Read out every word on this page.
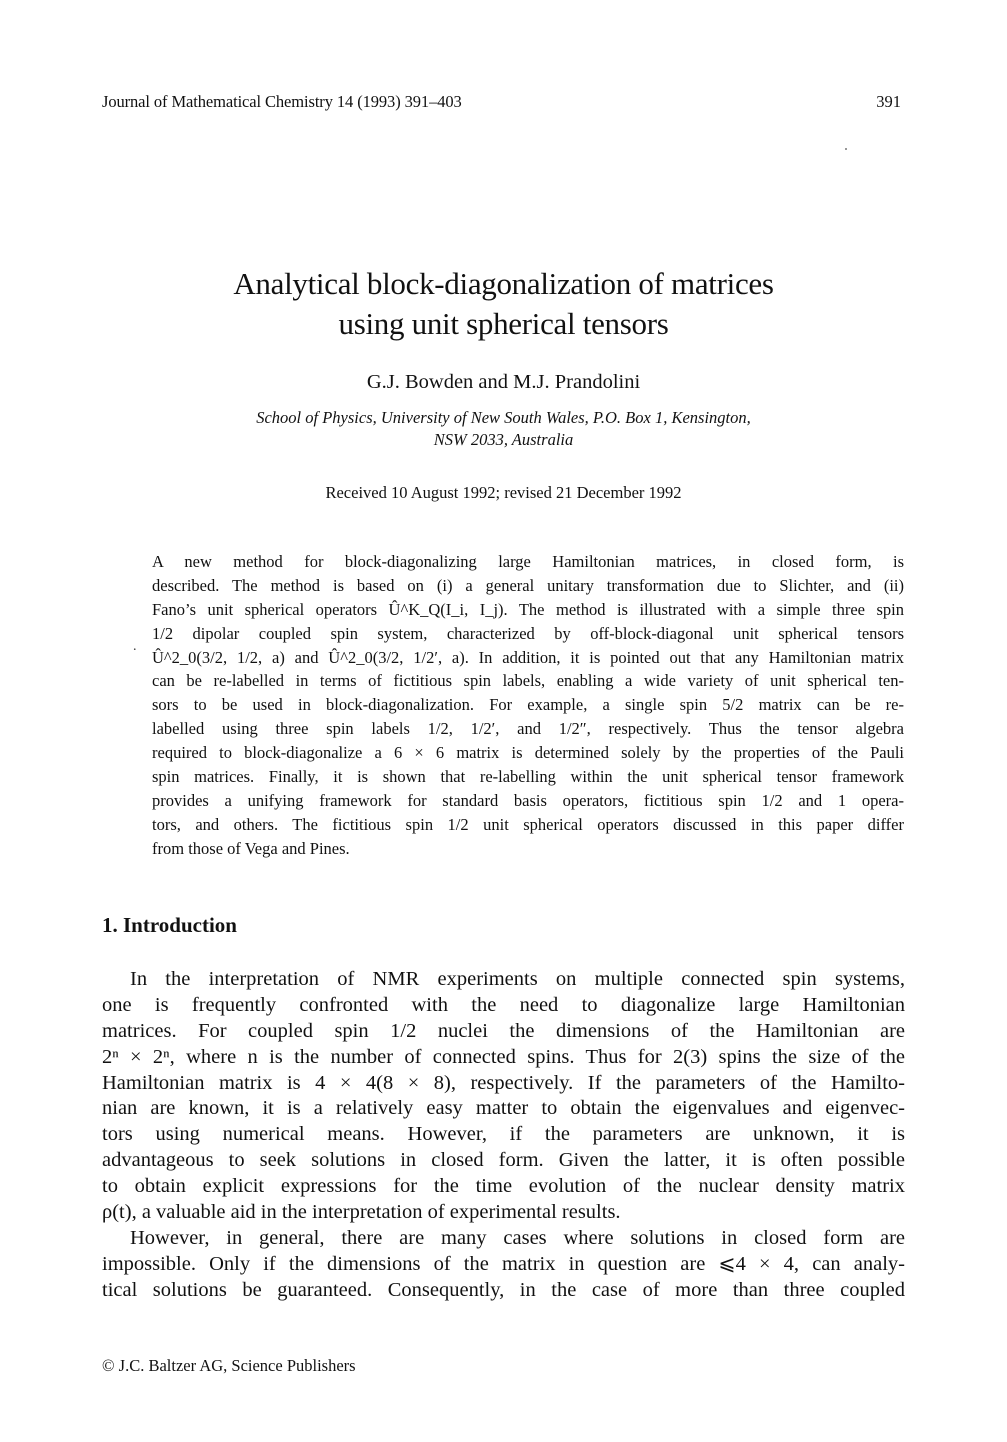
Journal of Mathematical Chemistry 14 (1993) 391–403	391
Analytical block-diagonalization of matrices
using unit spherical tensors
G.J. Bowden and M.J. Prandolini
School of Physics, University of New South Wales, P.O. Box 1, Kensington,
NSW 2033, Australia
Received 10 August 1992; revised 21 December 1992
.
A new method for block-diagonalizing large Hamiltonian matrices, in closed form, is
described. The method is based on (i) a general unitary transformation due to Slichter, and (ii)
Fano’s unit spherical operators Û^K_Q(I_i, I_j). The method is illustrated with a simple three spin
1/2 dipolar coupled spin system, characterized by off-block-diagonal unit spherical tensors
Û^2_0(3/2, 1/2, a) and Û^2_0(3/2, 1/2′, a). In addition, it is pointed out that any Hamiltonian matrix
can be re-labelled in terms of fictitious spin labels, enabling a wide variety of unit spherical ten-
sors to be used in block-diagonalization. For example, a single spin 5/2 matrix can be re-
labelled using three spin labels 1/2, 1/2′, and 1/2″, respectively. Thus the tensor algebra
required to block-diagonalize a 6 × 6 matrix is determined solely by the properties of the Pauli
spin matrices. Finally, it is shown that re-labelling within the unit spherical tensor framework
provides a unifying framework for standard basis operators, fictitious spin 1/2 and 1 opera-
tors, and others. The fictitious spin 1/2 unit spherical operators discussed in this paper differ
from those of Vega and Pines.
1. Introduction
In the interpretation of NMR experiments on multiple connected spin systems,
one is frequently confronted with the need to diagonalize large Hamiltonian
matrices. For coupled spin 1/2 nuclei the dimensions of the Hamiltonian are
2ⁿ × 2ⁿ, where n is the number of connected spins. Thus for 2(3) spins the size of the
Hamiltonian matrix is 4 × 4(8 × 8), respectively. If the parameters of the Hamilto-
nian are known, it is a relatively easy matter to obtain the eigenvalues and eigenvec-
tors using numerical means. However, if the parameters are unknown, it is
advantageous to seek solutions in closed form. Given the latter, it is often possible
to obtain explicit expressions for the time evolution of the nuclear density matrix
ρ(t), a valuable aid in the interpretation of experimental results.
However, in general, there are many cases where solutions in closed form are
impossible. Only if the dimensions of the matrix in question are ⩽4 × 4, can analy-
tical solutions be guaranteed. Consequently, in the case of more than three coupled
© J.C. Baltzer AG, Science Publishers
